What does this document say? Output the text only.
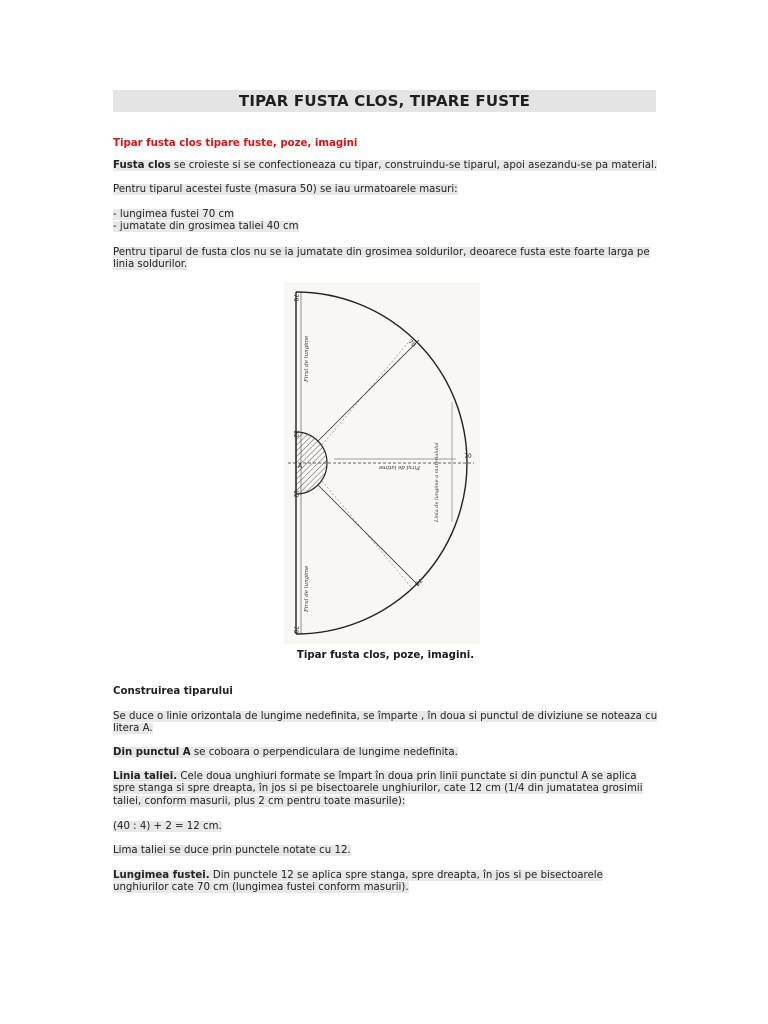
TIPAR FUSTA CLOS, TIPARE FUSTE
Tipar fusta clos tipare fuste, poze, imagini
Fusta clos se croieste si se confectioneaza cu tipar, construindu-se tiparul, apoi asezandu-se pa material.
Pentru tiparul acestei fuste (masura 50) se iau urmatoarele masuri:
- lungimea fustei 70 cm
- jumatate din grosimea taliei 40 cm
Pentru tiparul de fusta clos nu se ia jumatate din grosimea soldurilor, deoarece fusta este foarte larga pe linia soldurilor.
70
70
12
12
A
70
70
70
Firul de lungime
Firul de lungime
Firul de latime	Linia de lungime a materialului
Tipar fusta clos, poze, imagini.
Construirea tiparului
Se duce o linie orizontala de lungime nedefinita, se împarte , în doua si punctul de diviziune se noteaza cu litera A.
Din punctul A se coboara o perpendiculara de lungime nedefinita.
Linia taliei. Cele doua unghiuri formate se împart în doua prin linii punctate si din punctul A se aplica spre stanga si spre dreapta, în jos si pe bisectoarele unghiurilor, cate 12 cm (1/4 din jumatatea grosimii taliei, conform masurii, plus 2 cm pentru toate masurile):
(40 : 4) + 2 = 12 cm.
Lima taliei se duce prin punctele notate cu 12.
Lungimea fustei. Din punctele 12 se aplica spre stanga, spre dreapta, în jos si pe bisectoarele unghiurilor cate 70 cm (lungimea fustei conform masurii).
